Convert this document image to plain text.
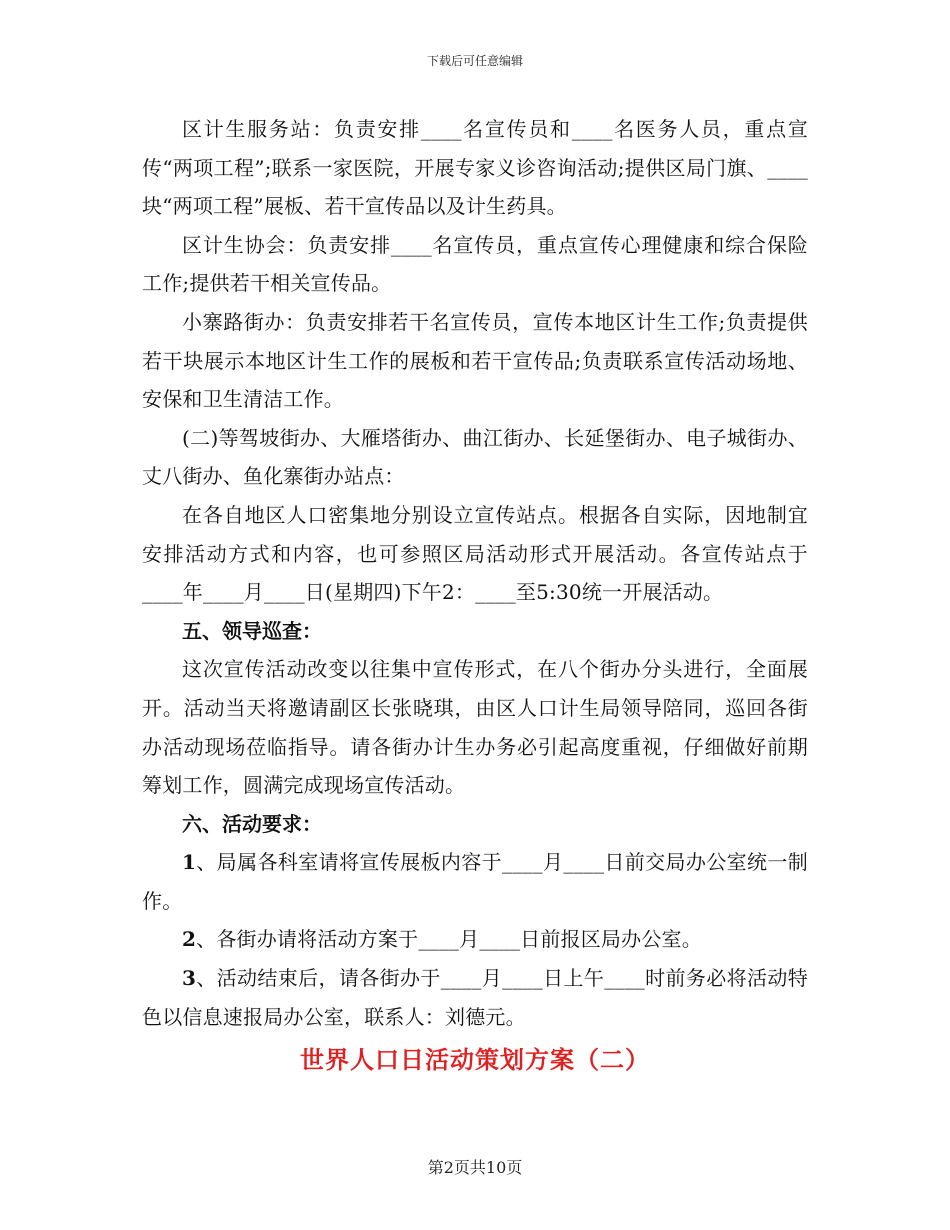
下载后可任意编辑

区计生服务站：负责安排____名宣传员和____名医务人员，重点宣传“两项工程”;联系一家医院，开展专家义诊咨询活动;提供区局门旗、____块“两项工程”展板、若干宣传品以及计生药具。

区计生协会：负责安排____名宣传员，重点宣传心理健康和综合保险工作;提供若干相关宣传品。

小寨路街办：负责安排若干名宣传员，宣传本地区计生工作;负责提供若干块展示本地区计生工作的展板和若干宣传品;负责联系宣传活动场地、安保和卫生清洁工作。

(二)等驾坡街办、大雁塔街办、曲江街办、长延堡街办、电子城街办、丈八街办、鱼化寨街办站点：

在各自地区人口密集地分别设立宣传站点。根据各自实际，因地制宜安排活动方式和内容，也可参照区局活动形式开展活动。各宣传站点于____年____月____日(星期四)下午2：____至5:30统一开展活动。

五、领导巡查：

这次宣传活动改变以往集中宣传形式，在八个街办分头进行，全面展开。活动当天将邀请副区长张晓琪，由区人口计生局领导陪同，巡回各街办活动现场莅临指导。请各街办计生办务必引起高度重视，仔细做好前期筹划工作，圆满完成现场宣传活动。

六、活动要求：

1、局属各科室请将宣传展板内容于____月____日前交局办公室统一制作。

2、各街办请将活动方案于____月____日前报区局办公室。

3、活动结束后，请各街办于____月____日上午____时前务必将活动特色以信息速报局办公室，联系人：刘德元。

世界人口日活动策划方案（二）
第2页共10页
